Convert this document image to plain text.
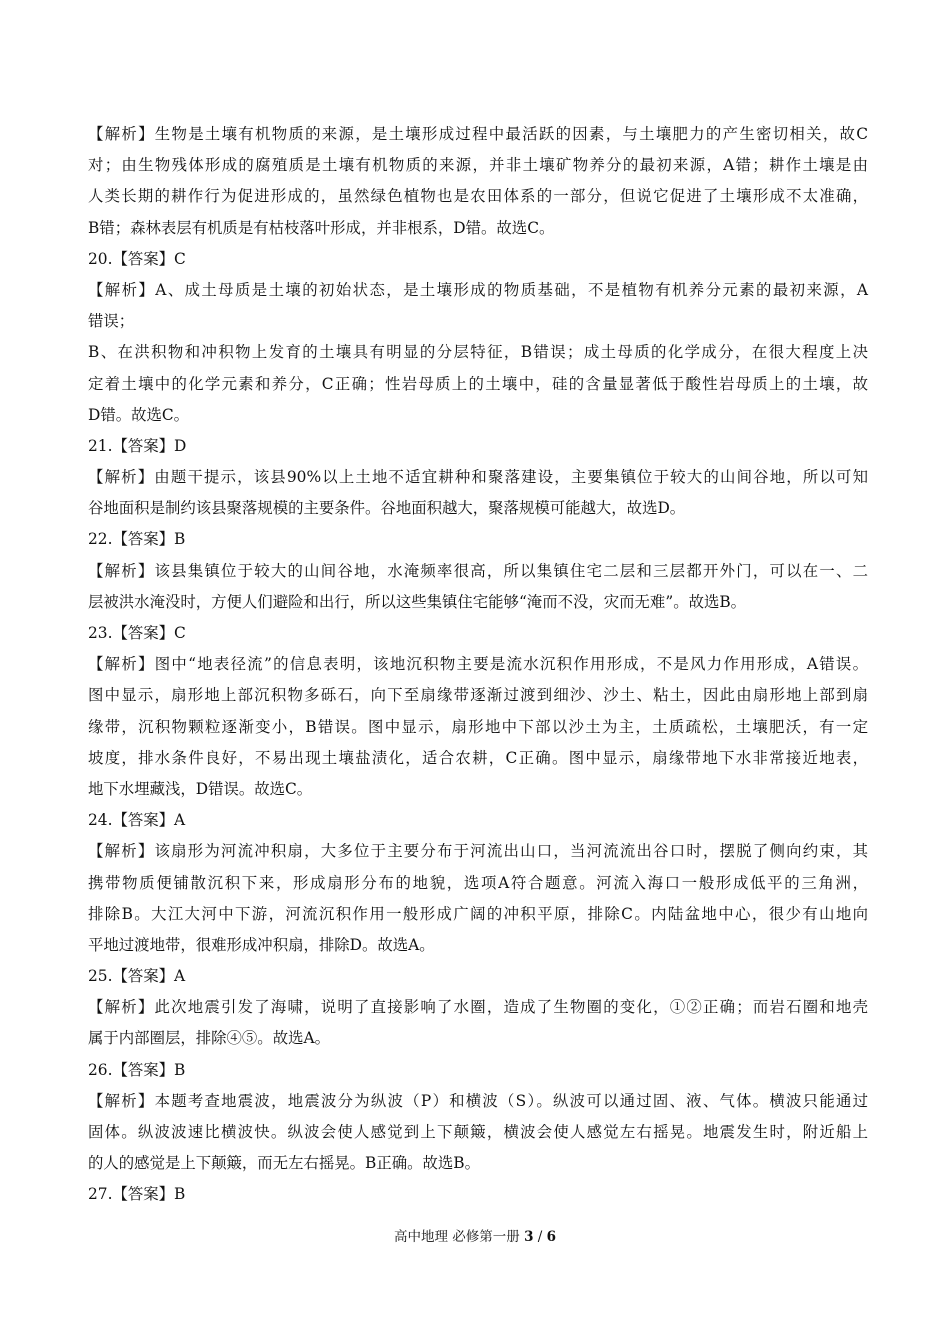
【解析】生物是土壤有机物质的来源，是土壤形成过程中最活跃的因素，与土壤肥力的产生密切相关，故C
对；由生物残体形成的腐殖质是土壤有机物质的来源，并非土壤矿物养分的最初来源，A错；耕作土壤是由
人类长期的耕作行为促进形成的，虽然绿色植物也是农田体系的一部分，但说它促进了土壤形成不太准确，
B错；森林表层有机质是有枯枝落叶形成，并非根系，D错。故选C。
20.【答案】C
【解析】A、成土母质是土壤的初始状态，是土壤形成的物质基础，不是植物有机养分元素的最初来源，A
错误；
B、在洪积物和冲积物上发育的土壤具有明显的分层特征，B错误；成土母质的化学成分，在很大程度上决
定着土壤中的化学元素和养分，C正确；性岩母质上的土壤中，硅的含量显著低于酸性岩母质上的土壤，故
D错。故选C。
21.【答案】D
【解析】由题干提示，该县90%以上土地不适宜耕种和聚落建设，主要集镇位于较大的山间谷地，所以可知
谷地面积是制约该县聚落规模的主要条件。谷地面积越大，聚落规模可能越大，故选D。
22.【答案】B
【解析】该县集镇位于较大的山间谷地，水淹频率很高，所以集镇住宅二层和三层都开外门，可以在一、二
层被洪水淹没时，方便人们避险和出行，所以这些集镇住宅能够“淹而不没，灾而无难”。故选B。
23.【答案】C
【解析】图中“地表径流”的信息表明，该地沉积物主要是流水沉积作用形成，不是风力作用形成，A错误。
图中显示，扇形地上部沉积物多砾石，向下至扇缘带逐渐过渡到细沙、沙土、粘土，因此由扇形地上部到扇
缘带，沉积物颗粒逐渐变小，B错误。图中显示，扇形地中下部以沙土为主，土质疏松，土壤肥沃，有一定
坡度，排水条件良好，不易出现土壤盐渍化，适合农耕，C正确。图中显示，扇缘带地下水非常接近地表，
地下水埋藏浅，D错误。故选C。
24.【答案】A
【解析】该扇形为河流冲积扇，大多位于主要分布于河流出山口，当河流流出谷口时，摆脱了侧向约束，其
携带物质便铺散沉积下来，形成扇形分布的地貌，选项A符合题意。河流入海口一般形成低平的三角洲，
排除B。大江大河中下游，河流沉积作用一般形成广阔的冲积平原，排除C。内陆盆地中心，很少有山地向
平地过渡地带，很难形成冲积扇，排除D。故选A。
25.【答案】A
【解析】此次地震引发了海啸，说明了直接影响了水圈，造成了生物圈的变化，①②正确；而岩石圈和地壳
属于内部圈层，排除④⑤。故选A。
26.【答案】B
【解析】本题考查地震波，地震波分为纵波（P）和横波（S）。纵波可以通过固、液、气体。横波只能通过
固体。纵波波速比横波快。纵波会使人感觉到上下颠簸，横波会使人感觉左右摇晃。地震发生时，附近船上
的人的感觉是上下颠簸，而无左右摇晃。B正确。故选B。
27.【答案】B
高中地理 必修第一册 3 / 6
